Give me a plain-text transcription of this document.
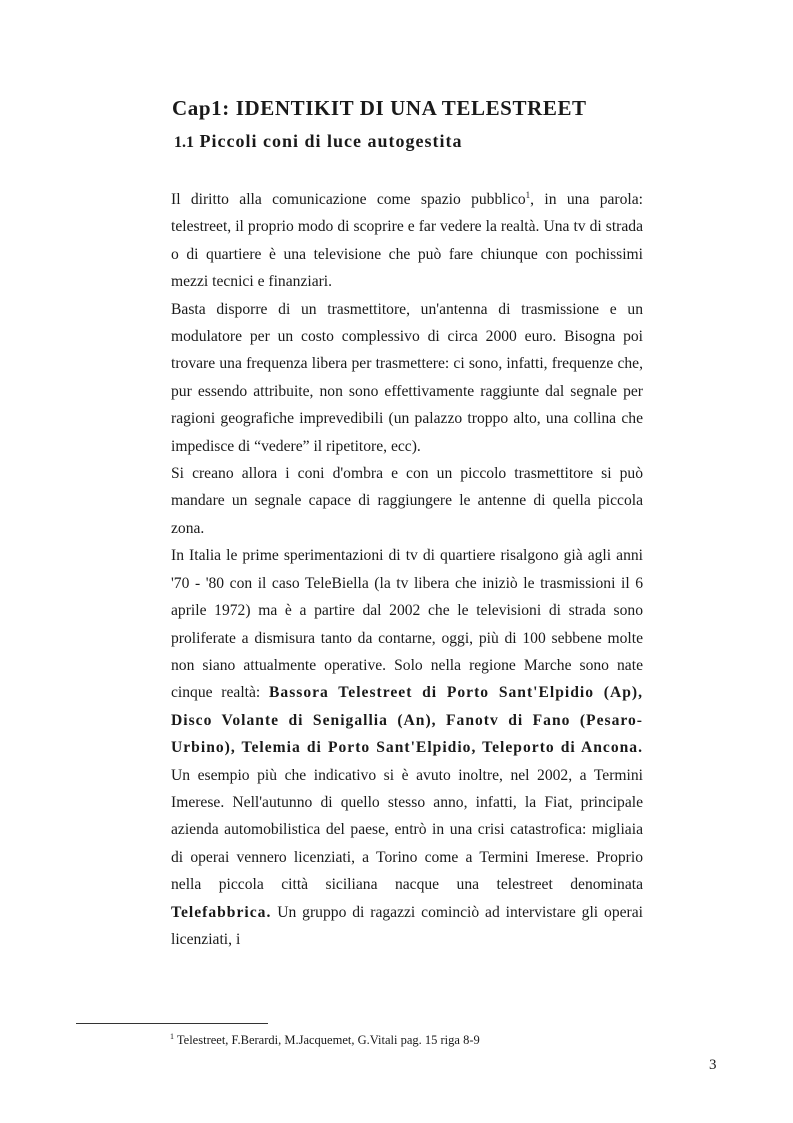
Cap1: IDENTIKIT DI UNA TELESTREET
1.1 Piccoli coni di luce autogestita

Il diritto alla comunicazione come spazio pubblico$^1$, in una parola: telestreet, il proprio modo di scoprire e far vedere la realtà. Una tv di strada o di quartiere è una televisione che può fare chiunque con pochissimi mezzi tecnici e finanziari.

Basta disporre di un trasmettitore, un'antenna di trasmissione e un modulatore per un costo complessivo di circa 2000 euro. Bisogna poi trovare una frequenza libera per trasmettere: ci sono, infatti, frequenze che, pur essendo attribuite, non sono effettivamente raggiunte dal segnale per ragioni geografiche imprevedibili (un palazzo troppo alto, una collina che impedisce di “vedere” il ripetitore, ecc).

Si creano allora i coni d'ombra e con un piccolo trasmettitore si può mandare un segnale capace di raggiungere le antenne di quella piccola zona.

In Italia le prime sperimentazioni di tv di quartiere risalgono già agli anni '70 - '80 con il caso TeleBiella (la tv libera che iniziò le trasmissioni il 6 aprile 1972) ma è a partire dal 2002 che le televisioni di strada sono proliferate a dismisura tanto da contarne, oggi, più di 100 sebbene molte non siano attualmente operative. Solo nella regione Marche sono nate cinque realtà: Bassora Telestreet di Porto Sant'Elpidio (Ap), Disco Volante di Senigallia (An), Fanotv di Fano (Pesaro-Urbino), Telemia di Porto Sant'Elpidio, Teleporto di Ancona. Un esempio più che indicativo si è avuto inoltre, nel 2002, a Termini Imerese. Nell'autunno di quello stesso anno, infatti, la Fiat, principale azienda automobilistica del paese, entrò in una crisi catastrofica: migliaia di operai vennero licenziati, a Torino come a Termini Imerese. Proprio nella piccola città siciliana nacque una telestreet denominata Telefabbrica. Un gruppo di ragazzi cominciò ad intervistare gli operai licenziati, i

$^1$ Telestreet, F.Berardi, M.Jacquemet, G.Vitali pag. 15 riga 8-9

3
